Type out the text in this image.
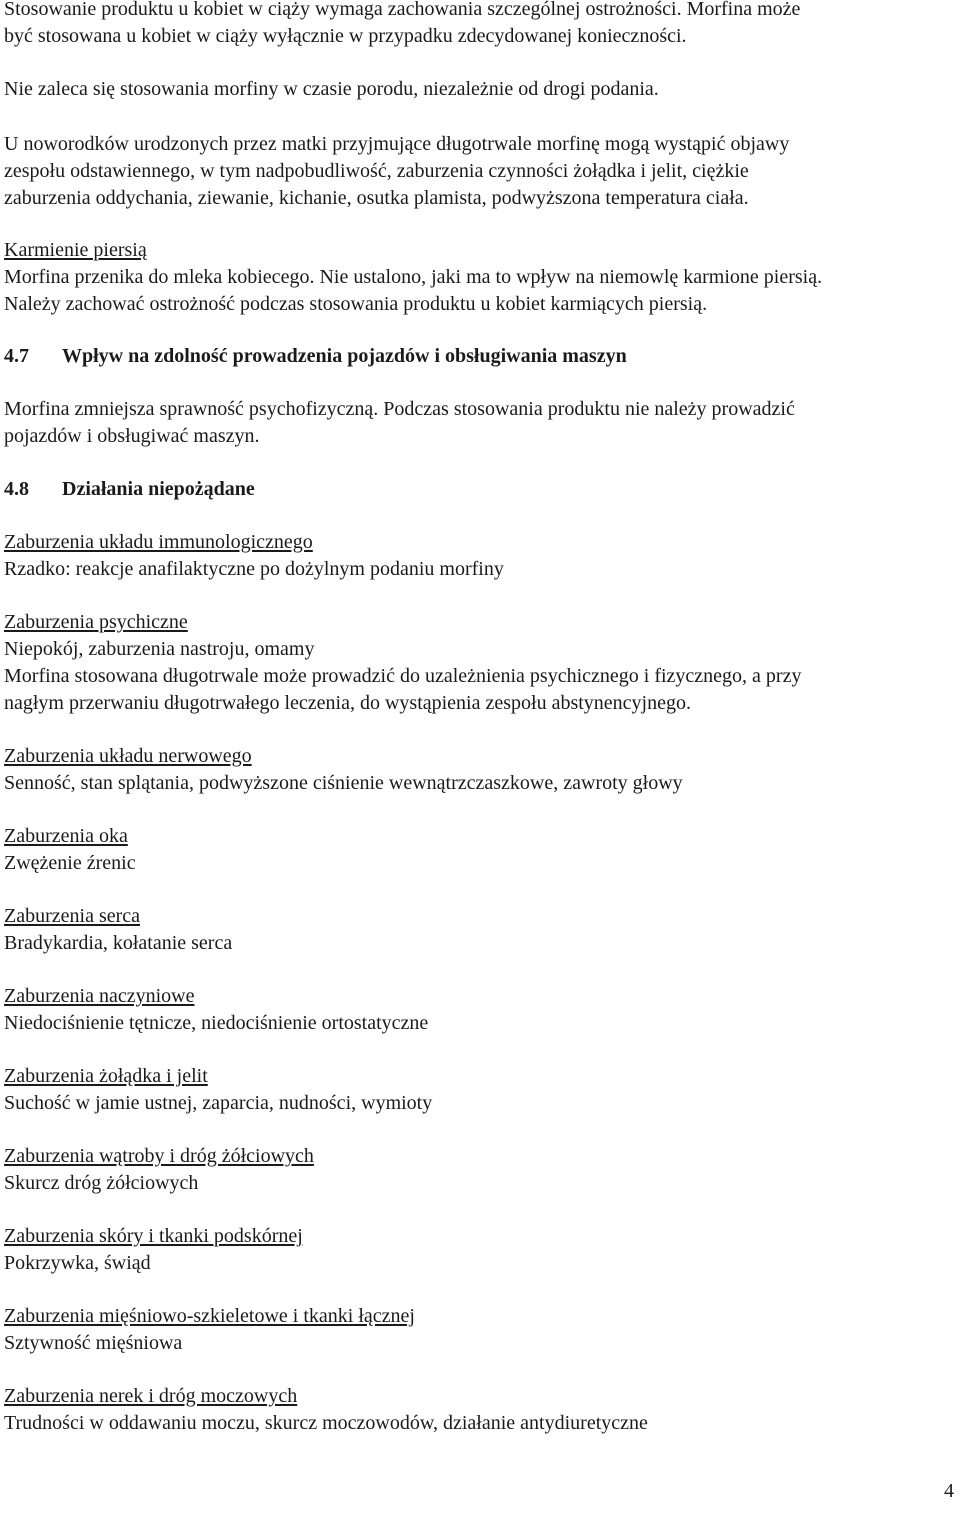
Stosowanie produktu u kobiet w ciąży wymaga zachowania szczególnej ostrożności. Morfina może
być stosowana u kobiet w ciąży wyłącznie w przypadku zdecydowanej konieczności.

Nie zaleca się stosowania morfiny w czasie porodu, niezależnie od drogi podania.

U noworodków urodzonych przez matki przyjmujące długotrwale morfinę mogą wystąpić objawy
zespołu odstawiennego, w tym nadpobudliwość, zaburzenia czynności żołądka i jelit, ciężkie
zaburzenia oddychania, ziewanie, kichanie, osutka plamista, podwyższona temperatura ciała.
Karmienie piersią
Morfina przenika do mleka kobiecego. Nie ustalono, jaki ma to wpływ na niemowlę karmione piersią.
Należy zachować ostrożność podczas stosowania produktu u kobiet karmiących piersią.
4.7	Wpływ na zdolność prowadzenia pojazdów i obsługiwania maszyn
Morfina zmniejsza sprawność psychofizyczną. Podczas stosowania produktu nie należy prowadzić
pojazdów i obsługiwać maszyn.
4.8	Działania niepożądane
Zaburzenia układu immunologicznego
Rzadko: reakcje anafilaktyczne po dożylnym podaniu morfiny
Zaburzenia psychiczne
Niepokój, zaburzenia nastroju, omamy
Morfina stosowana długotrwale może prowadzić do uzależnienia psychicznego i fizycznego, a przy
nagłym przerwaniu długotrwałego leczenia, do wystąpienia zespołu abstynencyjnego.
Zaburzenia układu nerwowego
Senność, stan splątania, podwyższone ciśnienie wewnątrzczaszkowe, zawroty głowy
Zaburzenia oka
Zwężenie źrenic
Zaburzenia serca
Bradykardia, kołatanie serca
Zaburzenia naczyniowe
Niedociśnienie tętnicze, niedociśnienie ortostatyczne
Zaburzenia żołądka i jelit
Suchość w jamie ustnej, zaparcia, nudności, wymioty
Zaburzenia wątroby i dróg żółciowych
Skurcz dróg żółciowych
Zaburzenia skóry i tkanki podskórnej
Pokrzywka, świąd
Zaburzenia mięśniowo-szkieletowe i tkanki łącznej
Sztywność mięśniowa
Zaburzenia nerek i dróg moczowych
Trudności w oddawaniu moczu, skurcz moczowodów, działanie antydiuretyczne
4
